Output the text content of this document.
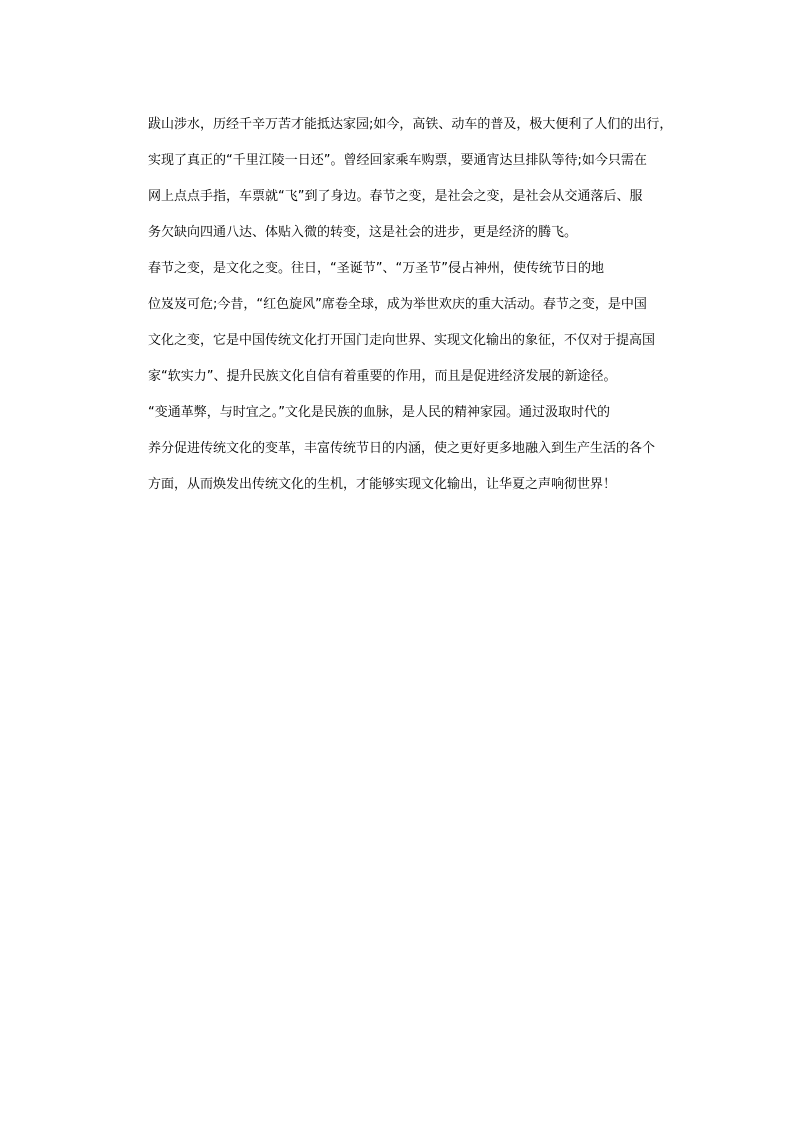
跋山涉水，历经千辛万苦才能抵达家园;如今，高铁、动车的普及，极大便利了人们的出行，

实现了真正的“千里江陵一日还”。曾经回家乘车购票，要通宵达旦排队等待;如今只需在

网上点点手指，车票就“飞”到了身边。春节之变，是社会之变，是社会从交通落后、服

务欠缺向四通八达、体贴入微的转变，这是社会的进步，更是经济的腾飞。

春节之变，是文化之变。往日，“圣诞节”、“万圣节”侵占神州，使传统节日的地

位岌岌可危;今昔，“红色旋风”席卷全球，成为举世欢庆的重大活动。春节之变，是中国

文化之变，它是中国传统文化打开国门走向世界、实现文化输出的象征，不仅对于提高国

家“软实力”、提升民族文化自信有着重要的作用，而且是促进经济发展的新途径。

“变通革弊，与时宜之。”文化是民族的血脉，是人民的精神家园。通过汲取时代的

养分促进传统文化的变革，丰富传统节日的内涵，使之更好更多地融入到生产生活的各个

方面，从而焕发出传统文化的生机，才能够实现文化输出，让华夏之声响彻世界！
